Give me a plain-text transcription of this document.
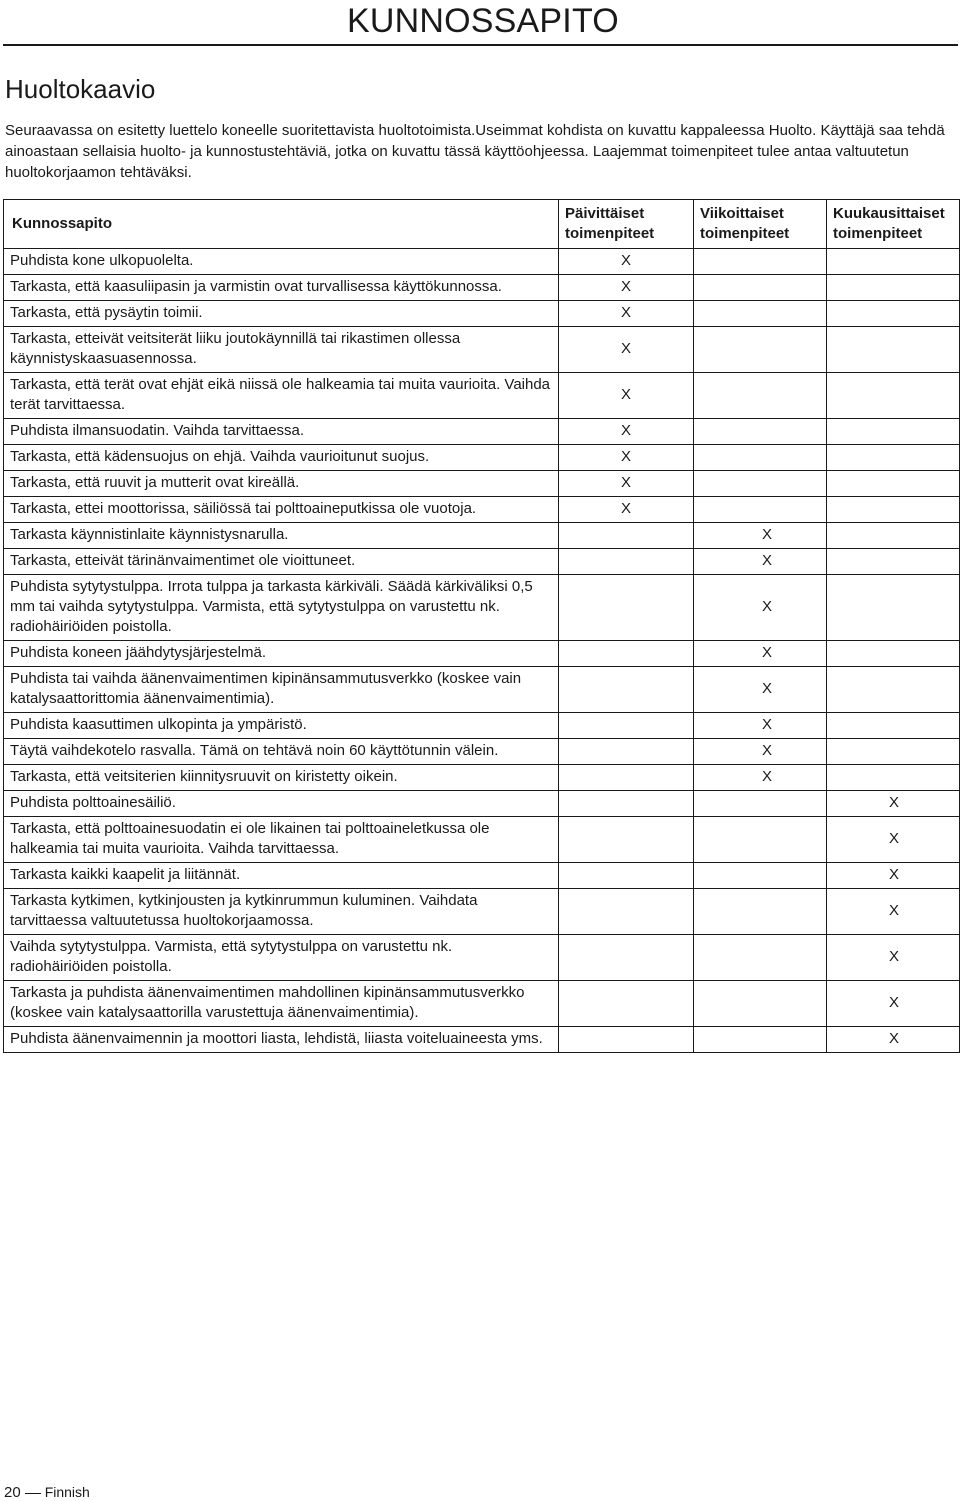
KUNNOSSAPITO
Huoltokaavio

Seuraavassa on esitetty luettelo koneelle suoritettavista huoltotoimista.Useimmat kohdista on kuvattu kappaleessa Huolto. Käyttäjä saa tehdä ainoastaan sellaisia huolto- ja kunnostustehtäviä, jotka on kuvattu tässä käyttöohjeessa. Laajemmat toimenpiteet tulee antaa valtuutetun huoltokorjaamon tehtäväksi.

Kunnossapito	Päivittäiset toimenpiteet	Viikoittaiset toimenpiteet	Kuukausittaiset toimenpiteet
Puhdista kone ulkopuolelta.	X		
Tarkasta, että kaasuliipasin ja varmistin ovat turvallisessa käyttökunnossa.	X		
Tarkasta, että pysäytin toimii.	X		
Tarkasta, etteivät veitsiterät liiku joutokäynnillä tai rikastimen ollessa käynnistyskaasuasennossa.	X		
Tarkasta, että terät ovat ehjät eikä niissä ole halkeamia tai muita vaurioita. Vaihda terät tarvittaessa.	X		
Puhdista ilmansuodatin. Vaihda tarvittaessa.	X		
Tarkasta, että kädensuojus on ehjä. Vaihda vaurioitunut suojus.	X		
Tarkasta, että ruuvit ja mutterit ovat kireällä.	X		
Tarkasta, ettei moottorissa, säiliössä tai polttoaineputkissa ole vuotoja.	X		
Tarkasta käynnistinlaite käynnistysnarulla.		X	
Tarkasta, etteivät tärinänvaimentimet ole vioittuneet.		X	
Puhdista sytytystulppa. Irrota tulppa ja tarkasta kärkiväli. Säädä kärkiväliksi 0,5 mm tai vaihda sytytystulppa. Varmista, että sytytystulppa on varustettu nk. radiohäiriöiden poistolla.		X	
Puhdista koneen jäähdytysjärjestelmä.		X	
Puhdista tai vaihda äänenvaimentimen kipinänsammutusverkko (koskee vain katalysaattorittomia äänenvaimentimia).		X	
Puhdista kaasuttimen ulkopinta ja ympäristö.		X	
Täytä vaihdekotelo rasvalla. Tämä on tehtävä noin 60 käyttötunnin välein.		X	
Tarkasta, että veitsiterien kiinnitysruuvit on kiristetty oikein.		X	
Puhdista polttoainesäiliö.			X
Tarkasta, että polttoainesuodatin ei ole likainen tai polttoaineletkussa ole halkeamia tai muita vaurioita. Vaihda tarvittaessa.			X
Tarkasta kaikki kaapelit ja liitännät.			X
Tarkasta kytkimen, kytkinjousten ja kytkinrummun kuluminen. Vaihdata tarvittaessa valtuutetussa huoltokorjaamossa.			X
Vaihda sytytystulppa. Varmista, että sytytystulppa on varustettu nk. radiohäiriöiden poistolla.			X
Tarkasta ja puhdista äänenvaimentimen mahdollinen kipinänsammutusverkko (koskee vain katalysaattorilla varustettuja äänenvaimentimia).			X
Puhdista äänenvaimennin ja moottori liasta, lehdistä, liiasta voiteluaineesta yms.			X
20 Finnish
